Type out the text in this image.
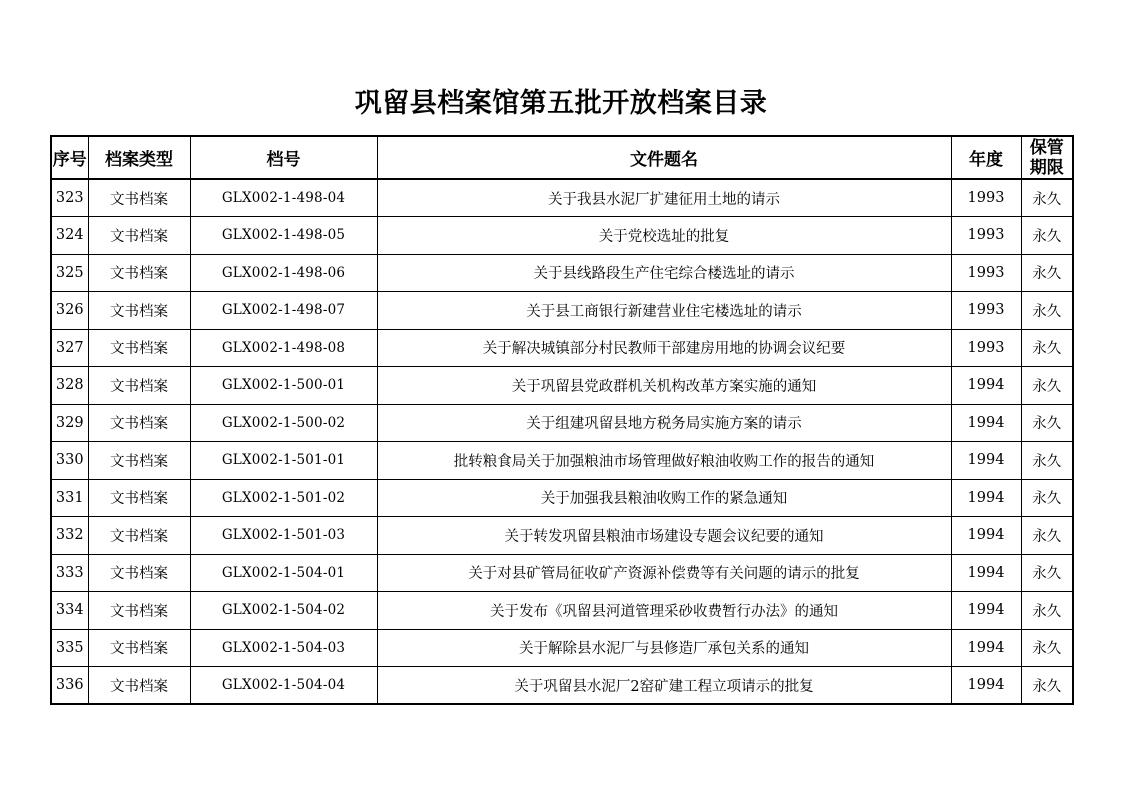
巩留县档案馆第五批开放档案目录
序号	档案类型	档号	文件题名	年度	保管期限
323	文书档案	GLX002-1-498-04	关于我县水泥厂扩建征用土地的请示	1993	永久
324	文书档案	GLX002-1-498-05	关于党校选址的批复	1993	永久
325	文书档案	GLX002-1-498-06	关于县线路段生产住宅综合楼选址的请示	1993	永久
326	文书档案	GLX002-1-498-07	关于县工商银行新建营业住宅楼选址的请示	1993	永久
327	文书档案	GLX002-1-498-08	关于解决城镇部分村民教师干部建房用地的协调会议纪要	1993	永久
328	文书档案	GLX002-1-500-01	关于巩留县党政群机关机构改革方案实施的通知	1994	永久
329	文书档案	GLX002-1-500-02	关于组建巩留县地方税务局实施方案的请示	1994	永久
330	文书档案	GLX002-1-501-01	批转粮食局关于加强粮油市场管理做好粮油收购工作的报告的通知	1994	永久
331	文书档案	GLX002-1-501-02	关于加强我县粮油收购工作的紧急通知	1994	永久
332	文书档案	GLX002-1-501-03	关于转发巩留县粮油市场建设专题会议纪要的通知	1994	永久
333	文书档案	GLX002-1-504-01	关于对县矿管局征收矿产资源补偿费等有关问题的请示的批复	1994	永久
334	文书档案	GLX002-1-504-02	关于发布《巩留县河道管理采砂收费暂行办法》的通知	1994	永久
335	文书档案	GLX002-1-504-03	关于解除县水泥厂与县修造厂承包关系的通知	1994	永久
336	文书档案	GLX002-1-504-04	关于巩留县水泥厂2窑矿建工程立项请示的批复	1994	永久
